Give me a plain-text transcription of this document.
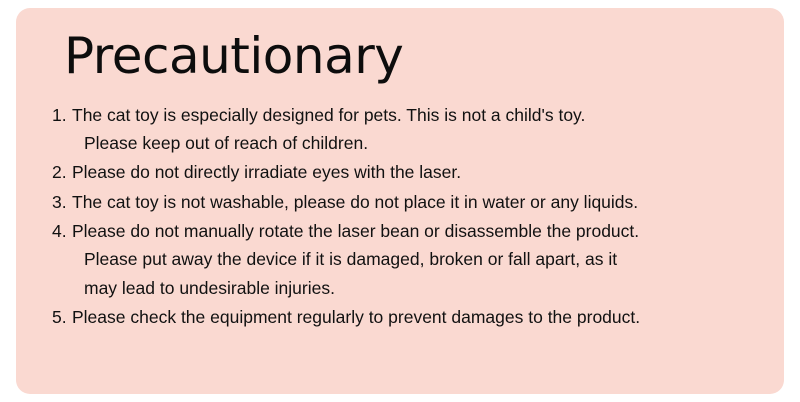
Precautionary
1. The cat toy is especially designed for pets. This is not a child's toy.
Please keep out of reach of children.
2. Please do not directly irradiate eyes with the laser.
3. The cat toy is not washable, please do not place it in water or any liquids.
4. Please do not manually rotate the laser bean or disassemble the product.
Please put away the device if it is damaged, broken or fall apart, as it
may lead to undesirable injuries.
5. Please check the equipment regularly to prevent damages to the product.
